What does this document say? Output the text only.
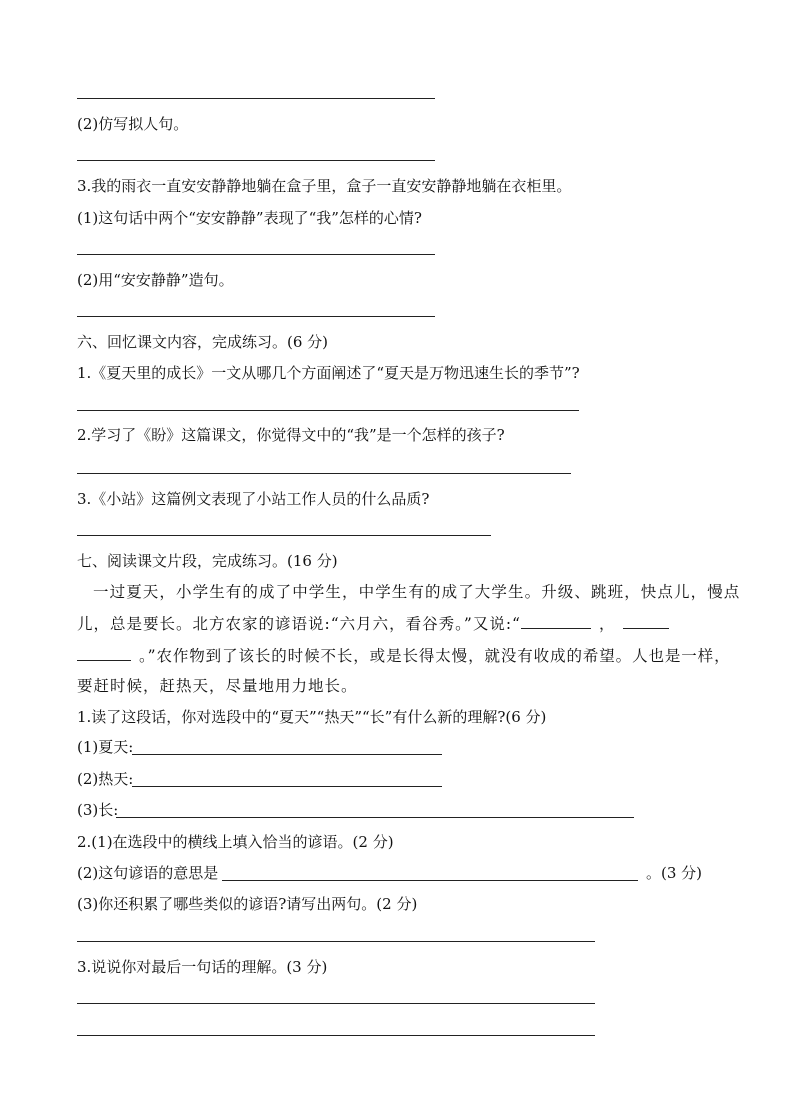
(2)仿写拟人句。
3.我的雨衣一直安安静静地躺在盒子里，盒子一直安安静静地躺在衣柜里。
(1)这句话中两个“安安静静”表现了“我”怎样的心情?
(2)用“安安静静”造句。
六、回忆课文内容，完成练习。(6 分)
1.《夏天里的成长》一文从哪几个方面阐述了“夏天是万物迅速生长的季节”?
2.学习了《盼》这篇课文，你觉得文中的“我”是一个怎样的孩子?
3.《小站》这篇例文表现了小站工作人员的什么品质?
七、阅读课文片段，完成练习。(16 分)
一过夏天，小学生有的成了中学生，中学生有的成了大学生。升级、跳班，快点儿，慢点
儿，总是要长。北方农家的谚语说:“六月六，看谷秀。”又说:“	，
。”农作物到了该长的时候不长，或是长得太慢，就没有收成的希望。人也是一样，
要赶时候，赶热天，尽量地用力地长。
1.读了这段话，你对选段中的“夏天”“热天”“长”有什么新的理解?(6 分)
(1)夏天:
(2)热天:
(3)长:
2.(1)在选段中的横线上填入恰当的谚语。(2 分)
(2)这句谚语的意思是	。(3 分)
(3)你还积累了哪些类似的谚语?请写出两句。(2 分)
3.说说你对最后一句话的理解。(3 分)
